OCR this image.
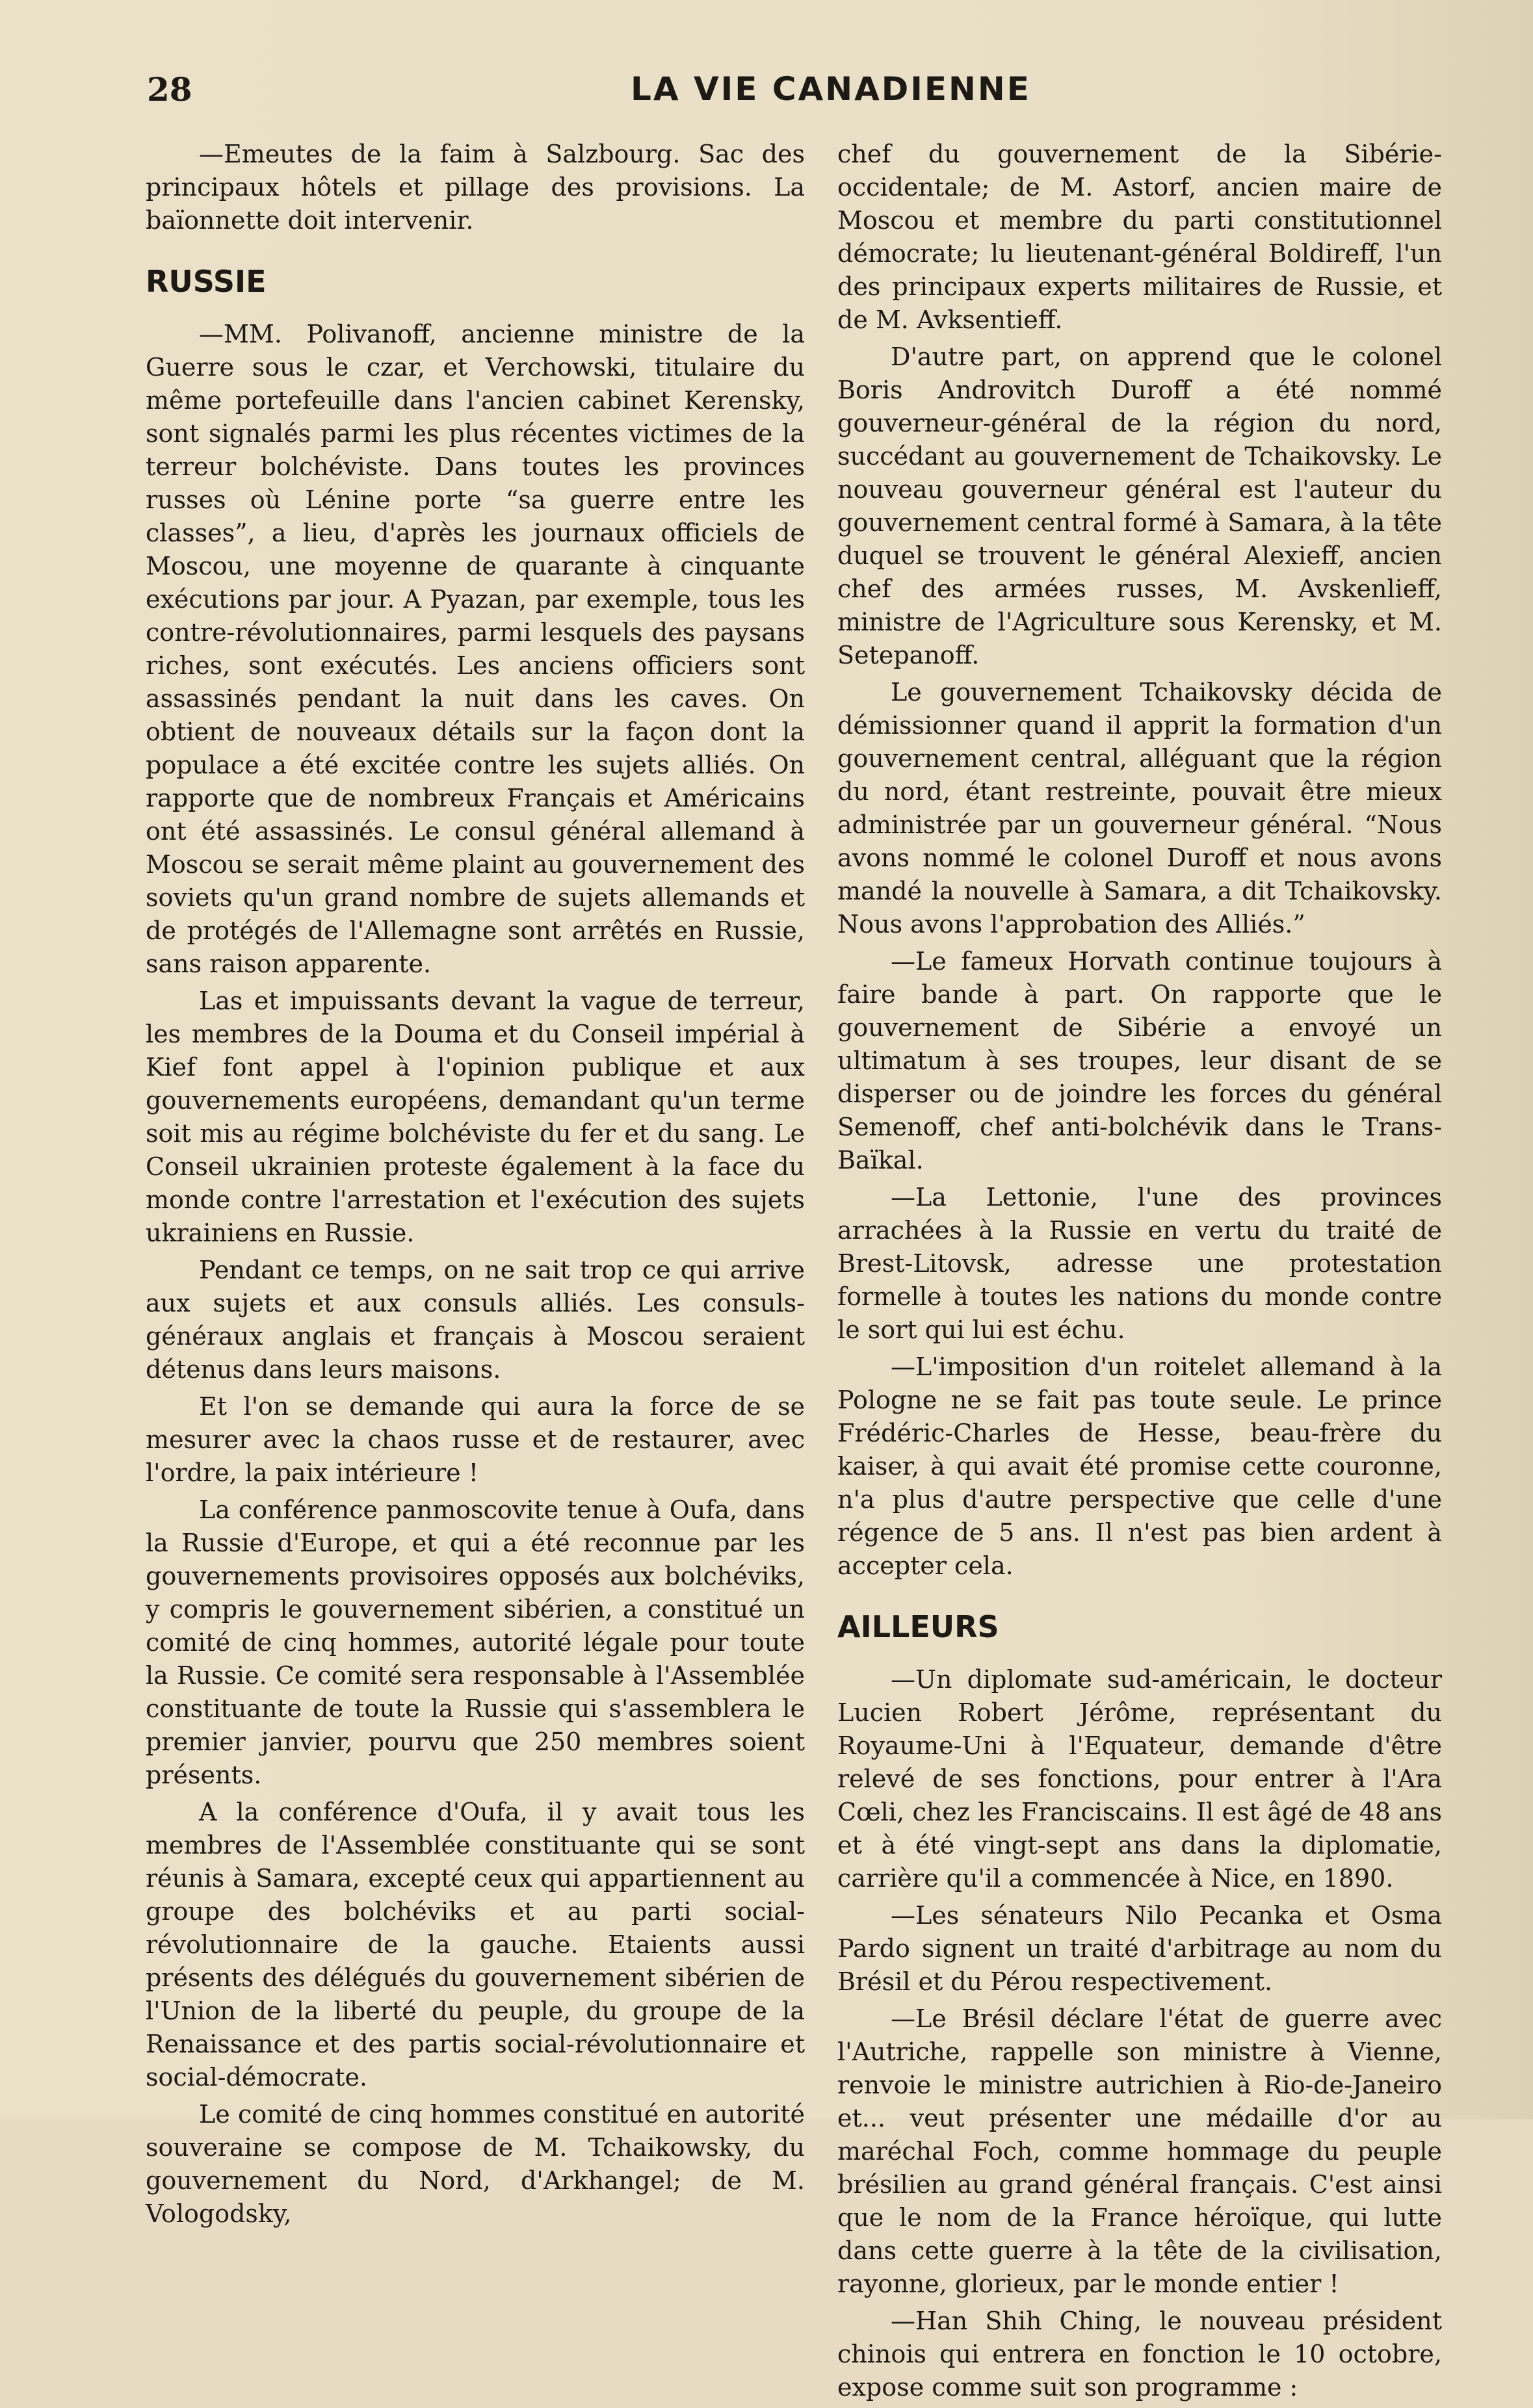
28	LA VIE CANADIENNE

—Emeutes de la faim à Salzbourg. Sac des principaux hôtels et pillage des provisions. La baïonnette doit intervenir.

RUSSIE

—MM. Polivanoff, ancienne ministre de la Guerre sous le czar, et Verchowski, titulaire du même portefeuille dans l'ancien cabinet Kerensky, sont signalés parmi les plus récentes victimes de la terreur bolchéviste. Dans toutes les provinces russes où Lénine porte “sa guerre entre les classes”, a lieu, d'après les journaux officiels de Moscou, une moyenne de quarante à cinquante exécutions par jour. A Pyazan, par exemple, tous les contre-révolutionnaires, parmi lesquels des paysans riches, sont exécutés. Les anciens officiers sont assassinés pendant la nuit dans les caves. On obtient de nouveaux détails sur la façon dont la populace a été excitée contre les sujets alliés. On rapporte que de nombreux Français et Américains ont été assassinés. Le consul général allemand à Moscou se serait même plaint au gouvernement des soviets qu'un grand nombre de sujets allemands et de protégés de l'Allemagne sont arrêtés en Russie, sans raison apparente.

Las et impuissants devant la vague de terreur, les membres de la Douma et du Conseil impérial à Kief font appel à l'opinion publique et aux gouvernements européens, demandant qu'un terme soit mis au régime bolchéviste du fer et du sang. Le Conseil ukrainien proteste également à la face du monde contre l'arrestation et l'exécution des sujets ukrainiens en Russie.

Pendant ce temps, on ne sait trop ce qui arrive aux sujets et aux consuls alliés. Les consuls-généraux anglais et français à Moscou seraient détenus dans leurs maisons.

Et l'on se demande qui aura la force de se mesurer avec la chaos russe et de restaurer, avec l'ordre, la paix intérieure !

La conférence panmoscovite tenue à Oufa, dans la Russie d'Europe, et qui a été reconnue par les gouvernements provisoires opposés aux bolchéviks, y compris le gouvernement sibérien, a constitué un comité de cinq hommes, autorité légale pour toute la Russie. Ce comité sera responsable à l'Assemblée constituante de toute la Russie qui s'assemblera le premier janvier, pourvu que 250 membres soient présents.

A la conférence d'Oufa, il y avait tous les membres de l'Assemblée constituante qui se sont réunis à Samara, excepté ceux qui appartiennent au groupe des bolchéviks et au parti social-révolutionnaire de la gauche. Etaients aussi présents des délégués du gouvernement sibérien de l'Union de la liberté du peuple, du groupe de la Renaissance et des partis social-révolutionnaire et social-démocrate.

Le comité de cinq hommes constitué en autorité souveraine se compose de M. Tchaikowsky, du gouvernement du Nord, d'Arkhangel; de M. Vologodsky,

chef du gouvernement de la Sibérie-occidentale; de M. Astorf, ancien maire de Moscou et membre du parti constitutionnel démocrate; lu lieutenant-général Boldireff, l'un des principaux experts militaires de Russie, et de M. Avksentieff.

D'autre part, on apprend que le colonel Boris Androvitch Duroff a été nommé gouverneur-général de la région du nord, succédant au gouvernement de Tchaikovsky. Le nouveau gouverneur général est l'auteur du gouvernement central formé à Samara, à la tête duquel se trouvent le général Alexieff, ancien chef des armées russes, M. Avskenlieff, ministre de l'Agriculture sous Kerensky, et M. Setepanoff.

Le gouvernement Tchaikovsky décida de démissionner quand il apprit la formation d'un gouvernement central, alléguant que la région du nord, étant restreinte, pouvait être mieux administrée par un gouverneur général. “Nous avons nommé le colonel Duroff et nous avons mandé la nouvelle à Samara, a dit Tchaikovsky. Nous avons l'approbation des Alliés.”

—Le fameux Horvath continue toujours à faire bande à part. On rapporte que le gouvernement de Sibérie a envoyé un ultimatum à ses troupes, leur disant de se disperser ou de joindre les forces du général Semenoff, chef anti-bolchévik dans le Trans-Baïkal.

—La Lettonie, l'une des provinces arrachées à la Russie en vertu du traité de Brest-Litovsk, adresse une protestation formelle à toutes les nations du monde contre le sort qui lui est échu.

—L'imposition d'un roitelet allemand à la Pologne ne se fait pas toute seule. Le prince Frédéric-Charles de Hesse, beau-frère du kaiser, à qui avait été promise cette couronne, n'a plus d'autre perspective que celle d'une régence de 5 ans. Il n'est pas bien ardent à accepter cela.

AILLEURS

—Un diplomate sud-américain, le docteur Lucien Robert Jérôme, représentant du Royaume-Uni à l'Equateur, demande d'être relevé de ses fonctions, pour entrer à l'Ara Cœli, chez les Franciscains. Il est âgé de 48 ans et à été vingt-sept ans dans la diplomatie, carrière qu'il a commencée à Nice, en 1890.

—Les sénateurs Nilo Pecanka et Osma Pardo signent un traité d'arbitrage au nom du Brésil et du Pérou respectivement.

—Le Brésil déclare l'état de guerre avec l'Autriche, rappelle son ministre à Vienne, renvoie le ministre autrichien à Rio-de-Janeiro et... veut présenter une médaille d'or au maréchal Foch, comme hommage du peuple brésilien au grand général français. C'est ainsi que le nom de la France héroïque, qui lutte dans cette guerre à la tête de la civilisation, rayonne, glorieux, par le monde entier !

—Han Shih Ching, le nouveau président chinois qui entrera en fonction le 10 octobre, expose comme suit son programme :
